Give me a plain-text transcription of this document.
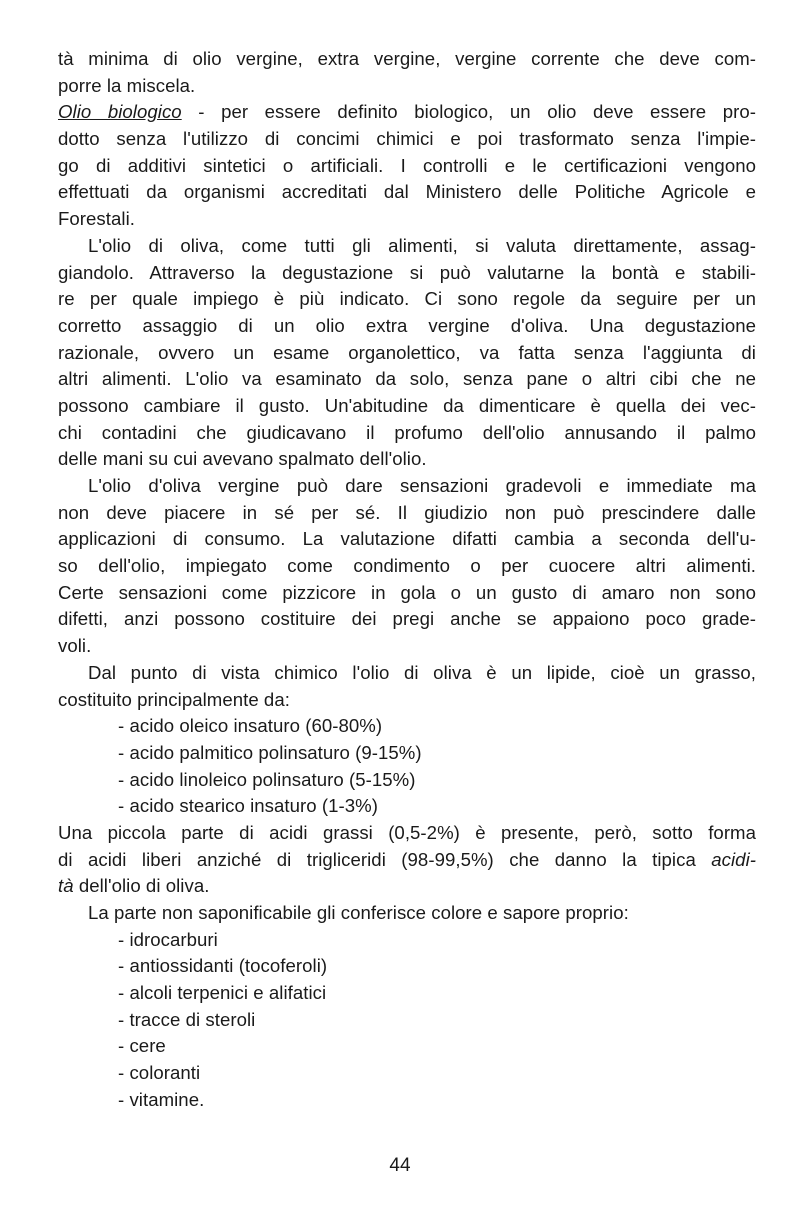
tà minima di olio vergine, extra vergine, vergine corrente che deve com-
porre la miscela.
Olio biologico - per essere definito biologico, un olio deve essere pro-
dotto senza l'utilizzo di concimi chimici e poi trasformato senza l'impie-
go di additivi sintetici o artificiali. I controlli e le certificazioni vengono
effettuati da organismi accreditati dal Ministero delle Politiche Agricole e
Forestali.
L'olio di oliva, come tutti gli alimenti, si valuta direttamente, assag-
giandolo. Attraverso la degustazione si può valutarne la bontà e stabili-
re per quale impiego è più indicato. Ci sono regole da seguire per un
corretto assaggio di un olio extra vergine d'oliva. Una degustazione
razionale, ovvero un esame organolettico, va fatta senza l'aggiunta di
altri alimenti. L'olio va esaminato da solo, senza pane o altri cibi che ne
possono cambiare il gusto. Un'abitudine da dimenticare è quella dei vec-
chi contadini che giudicavano il profumo dell'olio annusando il palmo
delle mani su cui avevano spalmato dell'olio.
L'olio d'oliva vergine può dare sensazioni gradevoli e immediate ma
non deve piacere in sé per sé. Il giudizio non può prescindere dalle
applicazioni di consumo. La valutazione difatti cambia a seconda dell'u-
so dell'olio, impiegato come condimento o per cuocere altri alimenti.
Certe sensazioni come pizzicore in gola o un gusto di amaro non sono
difetti, anzi possono costituire dei pregi anche se appaiono poco grade-
voli.
Dal punto di vista chimico l'olio di oliva è un lipide, cioè un grasso,
costituito principalmente da:
- acido oleico insaturo (60-80%)
- acido palmitico polinsaturo (9-15%)
- acido linoleico polinsaturo (5-15%)
- acido stearico insaturo (1-3%)
Una piccola parte di acidi grassi (0,5-2%) è presente, però, sotto forma
di acidi liberi anziché di trigliceridi (98-99,5%) che danno la tipica acidi-
tà dell'olio di oliva.
La parte non saponificabile gli conferisce colore e sapore proprio:
- idrocarburi
- antiossidanti (tocoferoli)
- alcoli terpenici e alifatici
- tracce di steroli
- cere
- coloranti
- vitamine.
44
